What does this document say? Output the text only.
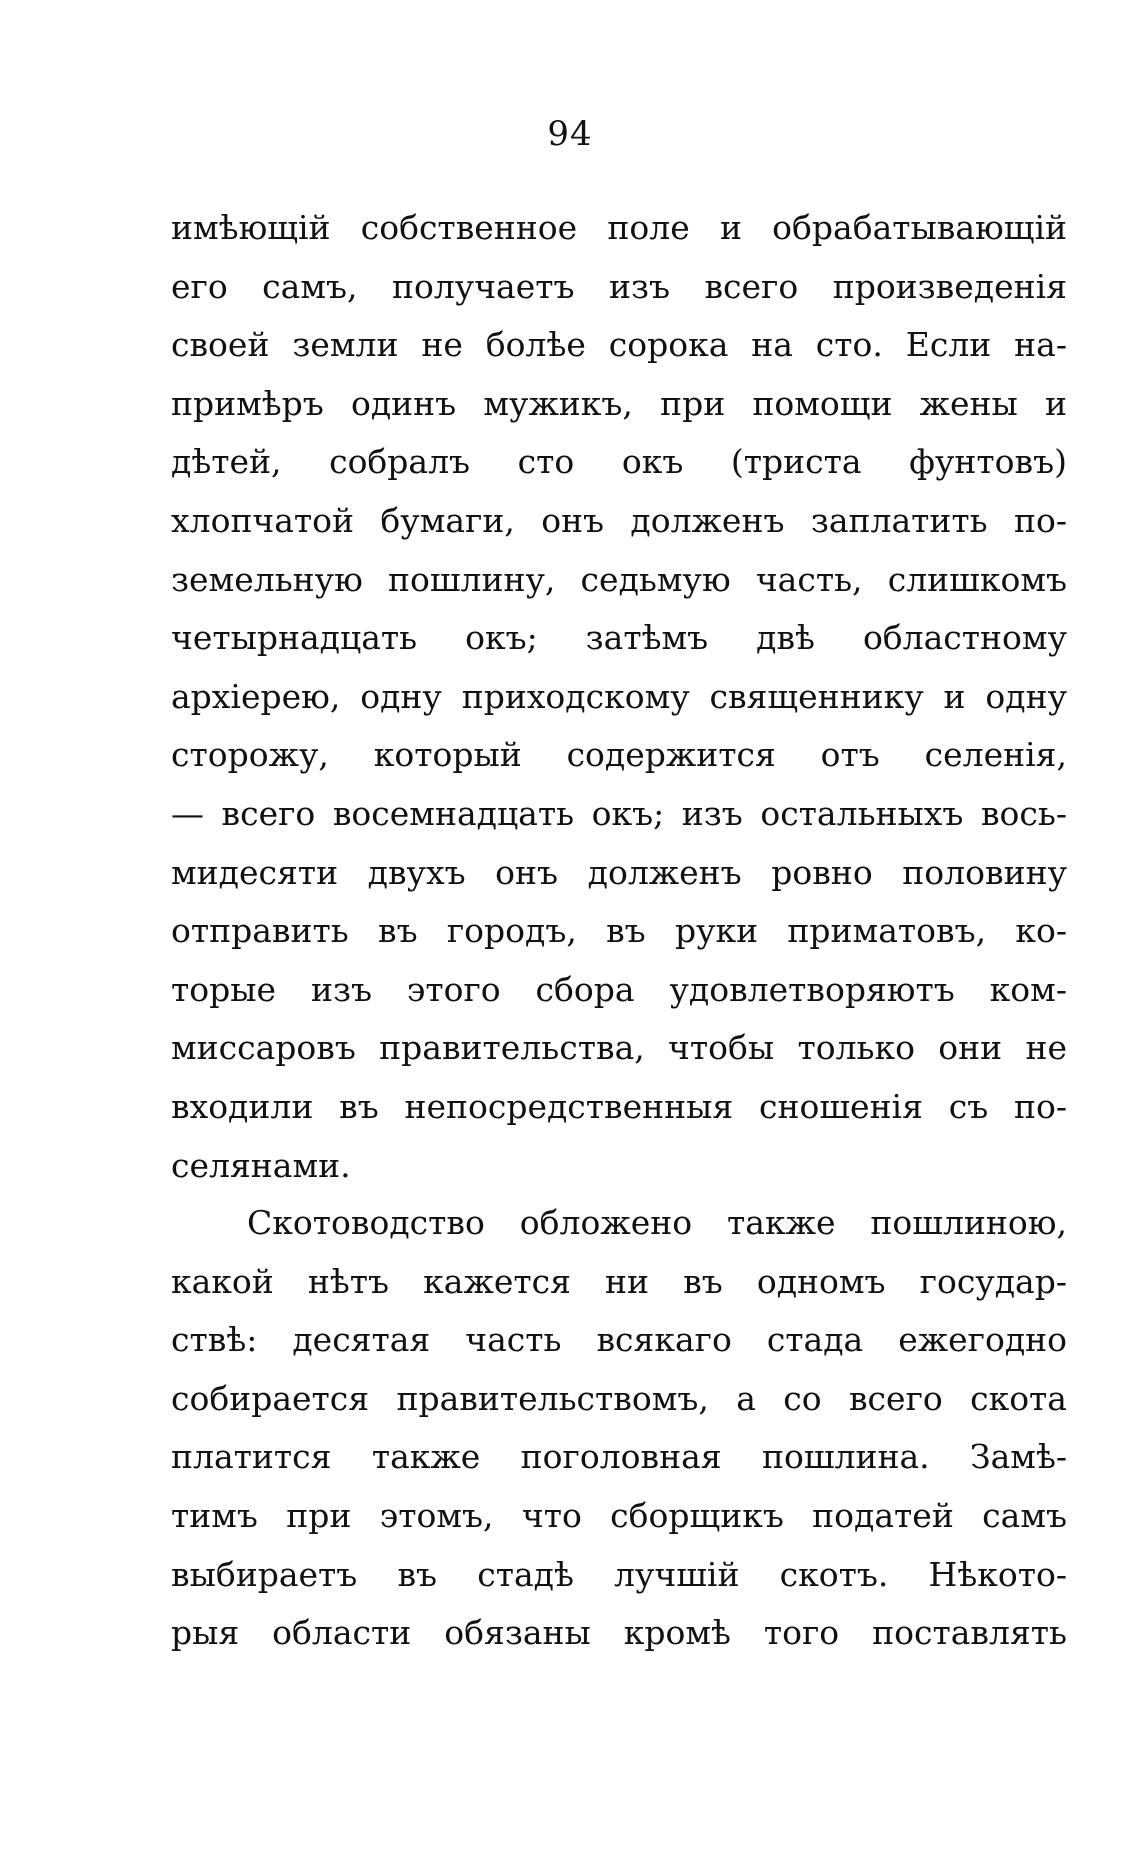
94
имѣющій собственное поле и обрабатывающій
его самъ, получаетъ изъ всего произведенія
своей земли не болѣе сорока на сто. Если на-
примѣръ одинъ мужикъ, при помощи жены и
дѣтей, собралъ сто окъ (триста фунтовъ)
хлопчатой бумаги, онъ долженъ заплатить по-
земельную пошлину, седьмую часть, слишкомъ
четырнадцать окъ; затѣмъ двѣ областному
архіерею, одну приходскому священнику и одну
сторожу, который содержится отъ селенія,
— всего восемнадцать окъ; изъ остальныхъ вось-
мидесяти двухъ онъ долженъ ровно половину
отправить въ городъ, въ руки приматовъ, ко-
торые изъ этого сбора удовлетворяютъ ком-
миссаровъ правительства, чтобы только они не
входили въ непосредственныя сношенія съ по-
селянами.
Скотоводство обложено также пошлиною,
какой нѣтъ кажется ни въ одномъ государ-
ствѣ: десятая часть всякаго стада ежегодно
собирается правительствомъ, а со всего скота
платится также поголовная пошлина. Замѣ-
тимъ при этомъ, что сборщикъ податей самъ
выбираетъ въ стадѣ лучшій скотъ. Нѣкото-
рыя области обязаны кромѣ того поставлять
